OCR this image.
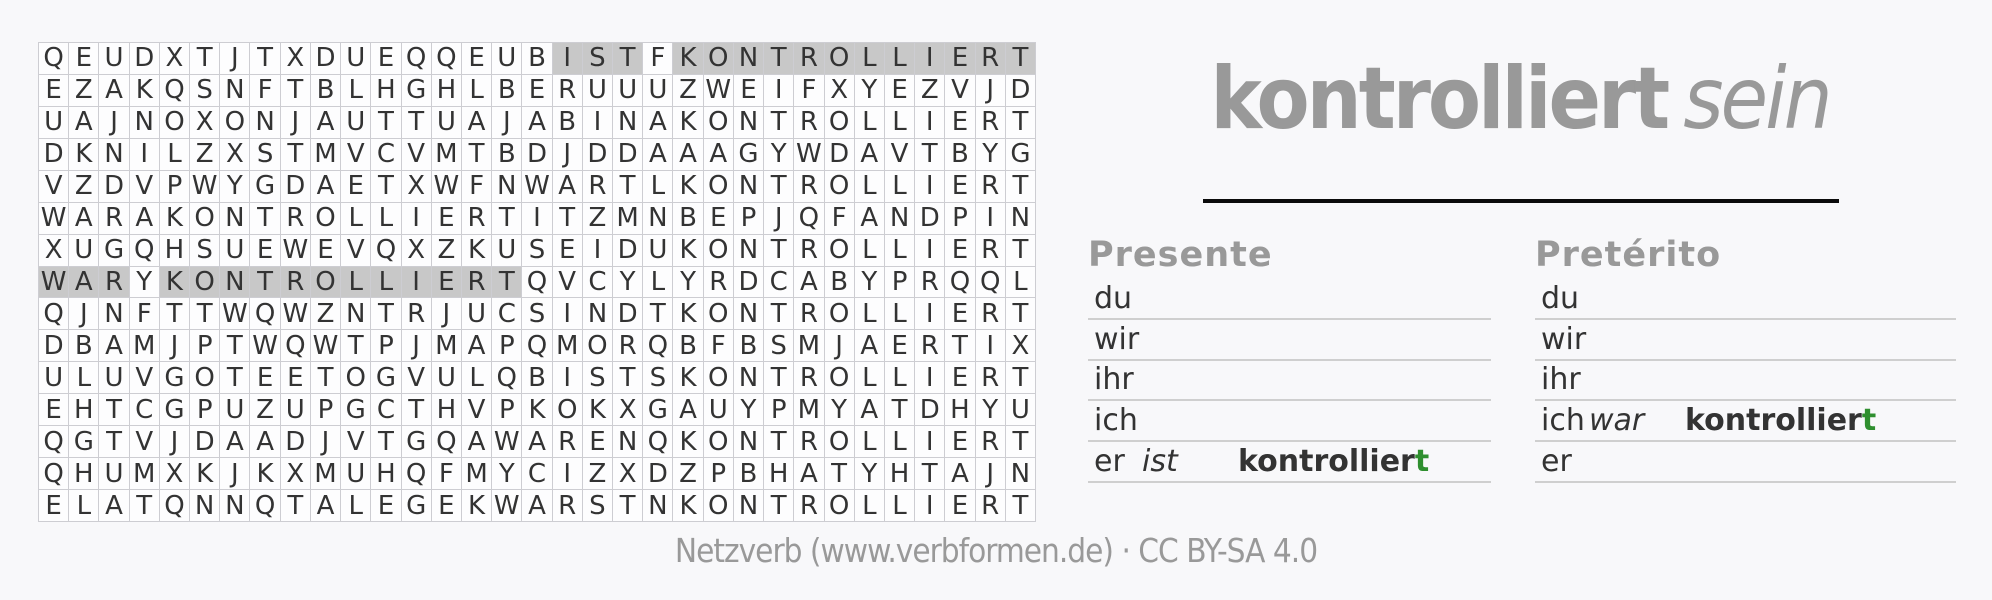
Q E U D X T J T X D U E Q Q E U B I S T F K O N T R O L L I E R T
E Z A K Q S N F T B L H G H L B E R U U U Z W E I F X Y E Z V J D
U A J N O X O N J A U T T U A J A B I N A K O N T R O L L I E R T
D K N I L Z X S T M V C V M T B D J D D A A A G Y W D A V T B Y G
V Z D V P W Y G D A E T X W F N W A R T L K O N T R O L L I E R T
W A R A K O N T R O L L I E R T I T Z M N B E P J Q F A N D P I N
X U G Q H S U E W E V Q X Z K U S E I D U K O N T R O L L I E R T
W A R Y K O N T R O L L I E R T Q V C Y L Y R D C A B Y P R Q Q L
Q J N F T T W Q W Z N T R J U C S I N D T K O N T R O L L I E R T
D B A M J P T W Q W T P J M A P Q M O R Q B F B S M J A E R T I X
U L U V G O T E E T O G V U L Q B I S T S K O N T R O L L I E R T
E H T C G P U Z U P G C T H V P K O K X G A U Y P M Y A T D H Y U
Q G T V J D A A D J V T G Q A W A R E N Q K O N T R O L L I E R T
Q H U M X K J K X M U H Q F M Y C I Z X D Z P B H A T Y H T A J N
E L A T Q N N Q T A L E G E K W A R S T N K O N T R O L L I E R T
kontrolliert sein
Presente
du
wir
ihr
ich
er ist	kontrolliert
Pretérito
du
wir
ihr
ich war	kontrolliert
er
Netzverb (www.verbformen.de) · CC BY-SA 4.0
